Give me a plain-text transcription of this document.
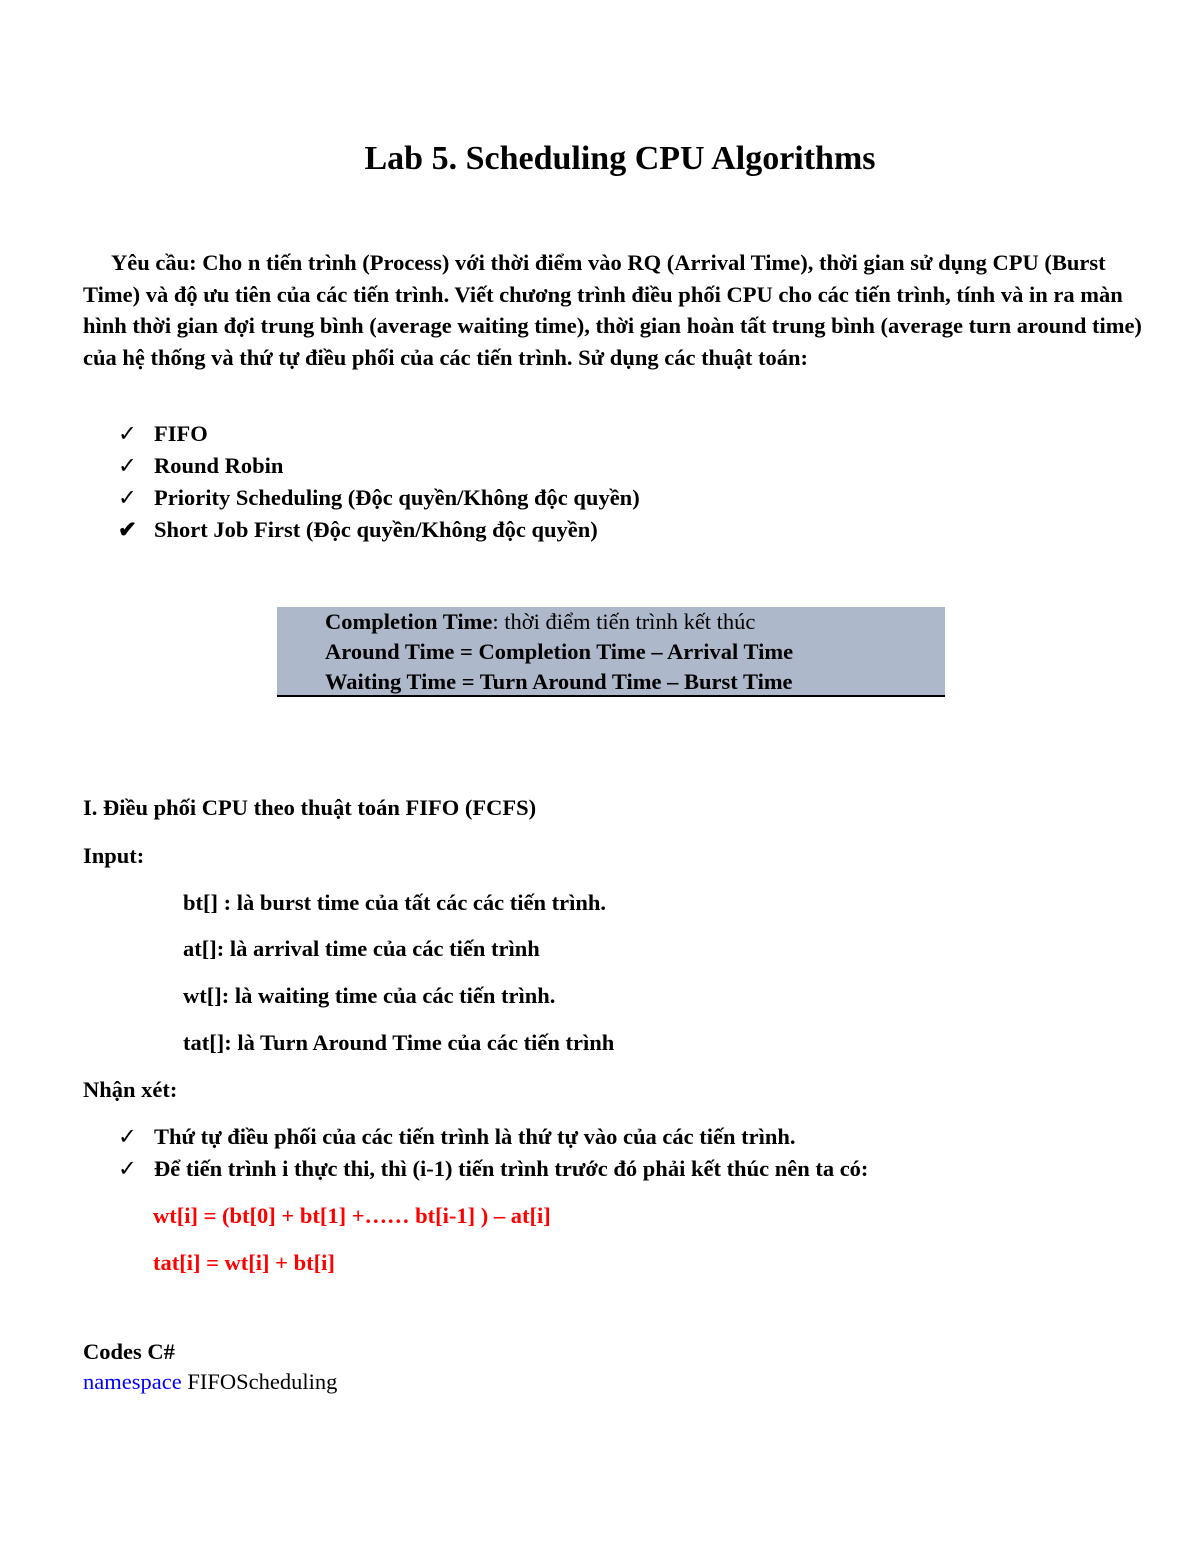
Lab 5. Scheduling CPU Algorithms
Yêu cầu: Cho n tiến trình (Process) với thời điểm vào RQ (Arrival Time), thời gian sử dụng CPU (Burst Time) và độ ưu tiên của các tiến trình. Viết chương trình điều phối CPU cho các tiến trình, tính và in ra màn hình thời gian đợi trung bình (average waiting time), thời gian hoàn tất trung bình (average turn around time) của hệ thống và thứ tự điều phối của các tiến trình. Sử dụng các thuật toán:
✓ FIFO
✓ Round Robin
✓ Priority Scheduling (Độc quyền/Không độc quyền)
✔ Short Job First (Độc quyền/Không độc quyền)
Completion Time: thời điểm tiến trình kết thúc
Around Time = Completion Time – Arrival Time
Waiting Time = Turn Around Time – Burst Time
I. Điều phối CPU theo thuật toán FIFO (FCFS)
Input:
bt[] : là burst time của tất các các tiến trình.
at[]: là arrival time của các tiến trình
wt[]: là waiting time của các tiến trình.
tat[]: là Turn Around Time của các tiến trình
Nhận xét:
✓ Thứ tự điều phối của các tiến trình là thứ tự vào của các tiến trình.
✓ Để tiến trình i thực thi, thì (i-1) tiến trình trước đó phải kết thúc nên ta có:
wt[i] = (bt[0] + bt[1] +…… bt[i-1] ) – at[i]
tat[i] = wt[i] + bt[i]
Codes C#
namespace FIFOScheduling
